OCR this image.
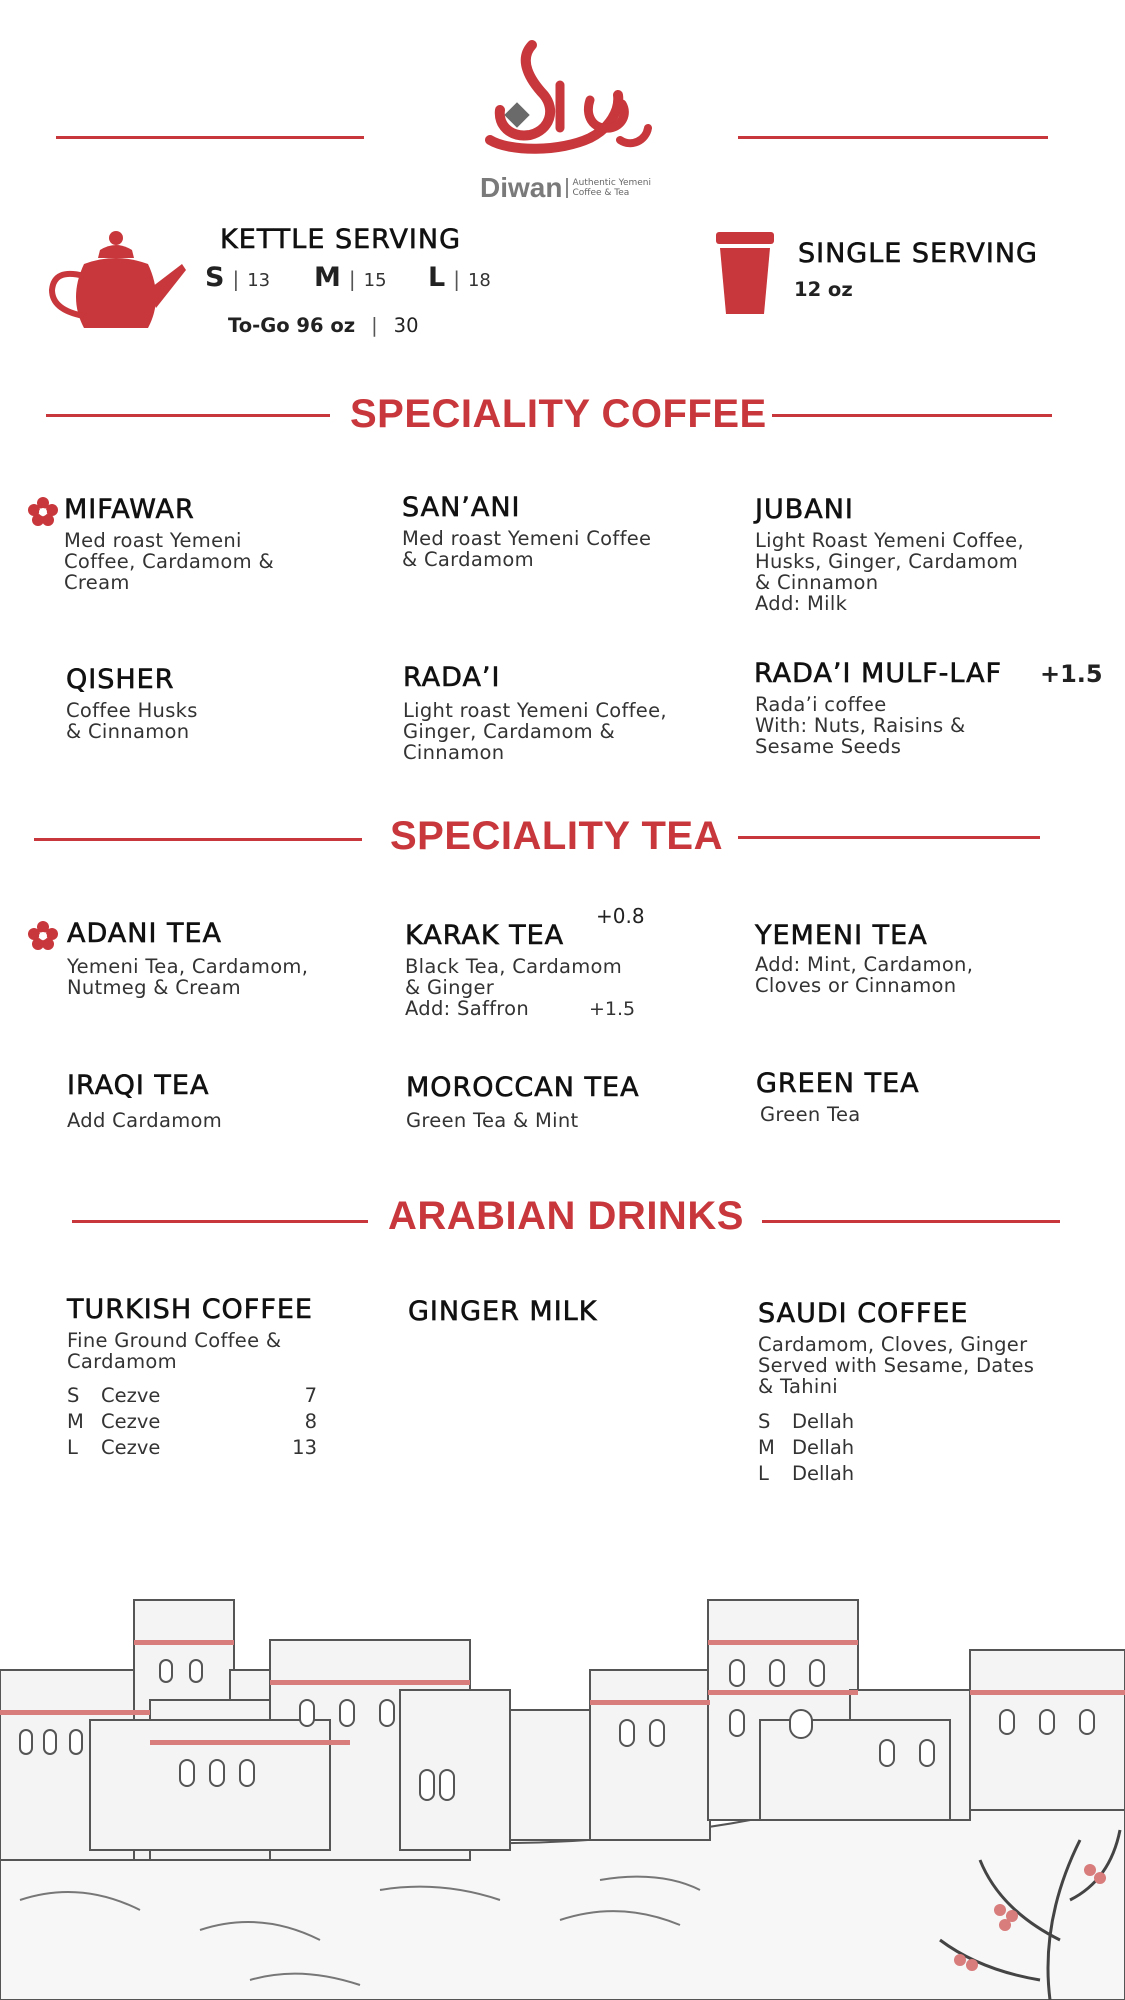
Diwan Authentic Yemeni
Coffee & Tea
KETTLE SERVING
S | 13 M | 15 L | 18
To-Go 96 oz | 30
SINGLE SERVING
12 oz
SPECIALITY COFFEE
MIFAWAR
Med roast Yemeni
Coffee, Cardamom &
Cream
SAN’ANI
Med roast Yemeni Coffee
& Cardamom
JUBANI
Light Roast Yemeni Coffee,
Husks, Ginger, Cardamom
& Cinnamon
Add: Milk
QISHER
Coffee Husks
& Cinnamon
RADA’I
Light roast Yemeni Coffee,
Ginger, Cardamom &
Cinnamon
RADA’I MULF-LAF +1.5
Rada’i coffee
With: Nuts, Raisins &
Sesame Seeds
SPECIALITY TEA
ADANI TEA
Yemeni Tea, Cardamom,
Nutmeg & Cream
+0.8
KARAK TEA
Black Tea, Cardamom
& Ginger
Add: Saffron	+1.5
YEMENI TEA
Add: Mint, Cardamon,
Cloves or Cinnamon
IRAQI TEA
Add Cardamom
MOROCCAN TEA
Green Tea & Mint
GREEN TEA
Green Tea
ARABIAN DRINKS
TURKISH COFFEE
Fine Ground Coffee &
Cardamom
S	Cezve	7
M Cezve	8
L	Cezve	13
GINGER MILK	SAUDI COFFEE
Cardamom, Cloves, Ginger
Served with Sesame, Dates
& Tahini
S	Dellah
M Dellah
L	Dellah
